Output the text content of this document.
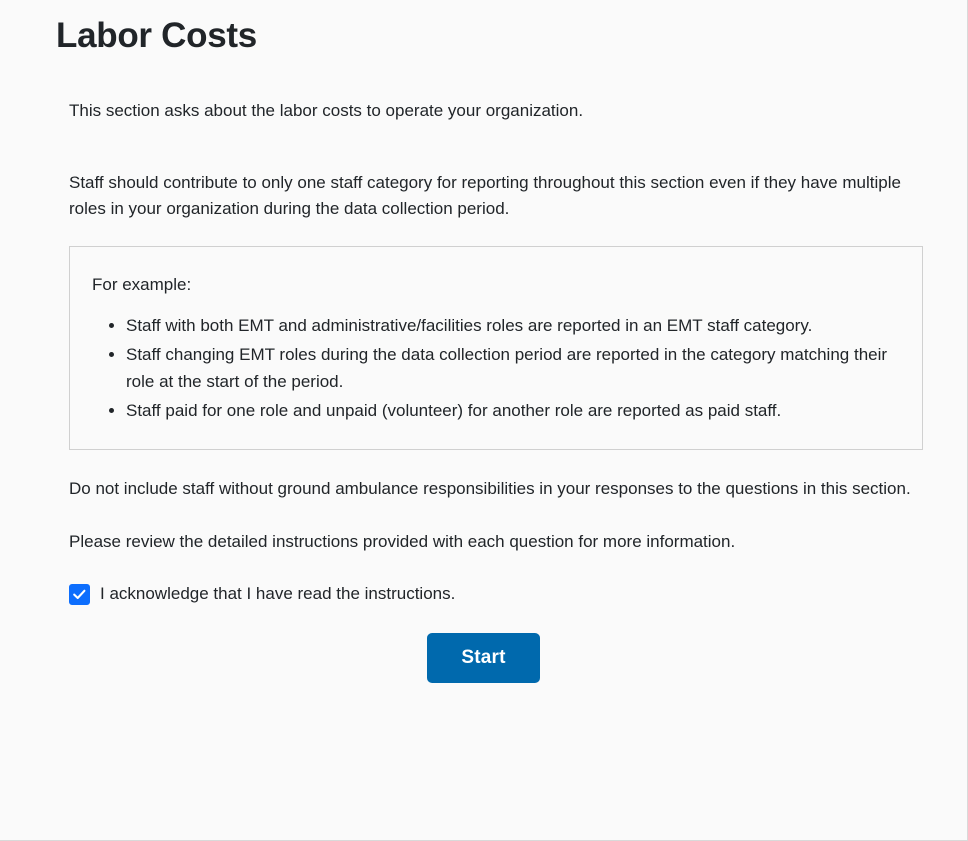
Labor Costs

This section asks about the labor costs to operate your organization.

Staff should contribute to only one staff category for reporting throughout this section even if they have multiple roles in your organization during the data collection period.

For example:

• Staff with both EMT and administrative/facilities roles are reported in an EMT staff category.
• Staff changing EMT roles during the data collection period are reported in the category matching their role at the start of the period.
• Staff paid for one role and unpaid (volunteer) for another role are reported as paid staff.

Do not include staff without ground ambulance responsibilities in your responses to the questions in this section.

Please review the detailed instructions provided with each question for more information.

I acknowledge that I have read the instructions.
Start
